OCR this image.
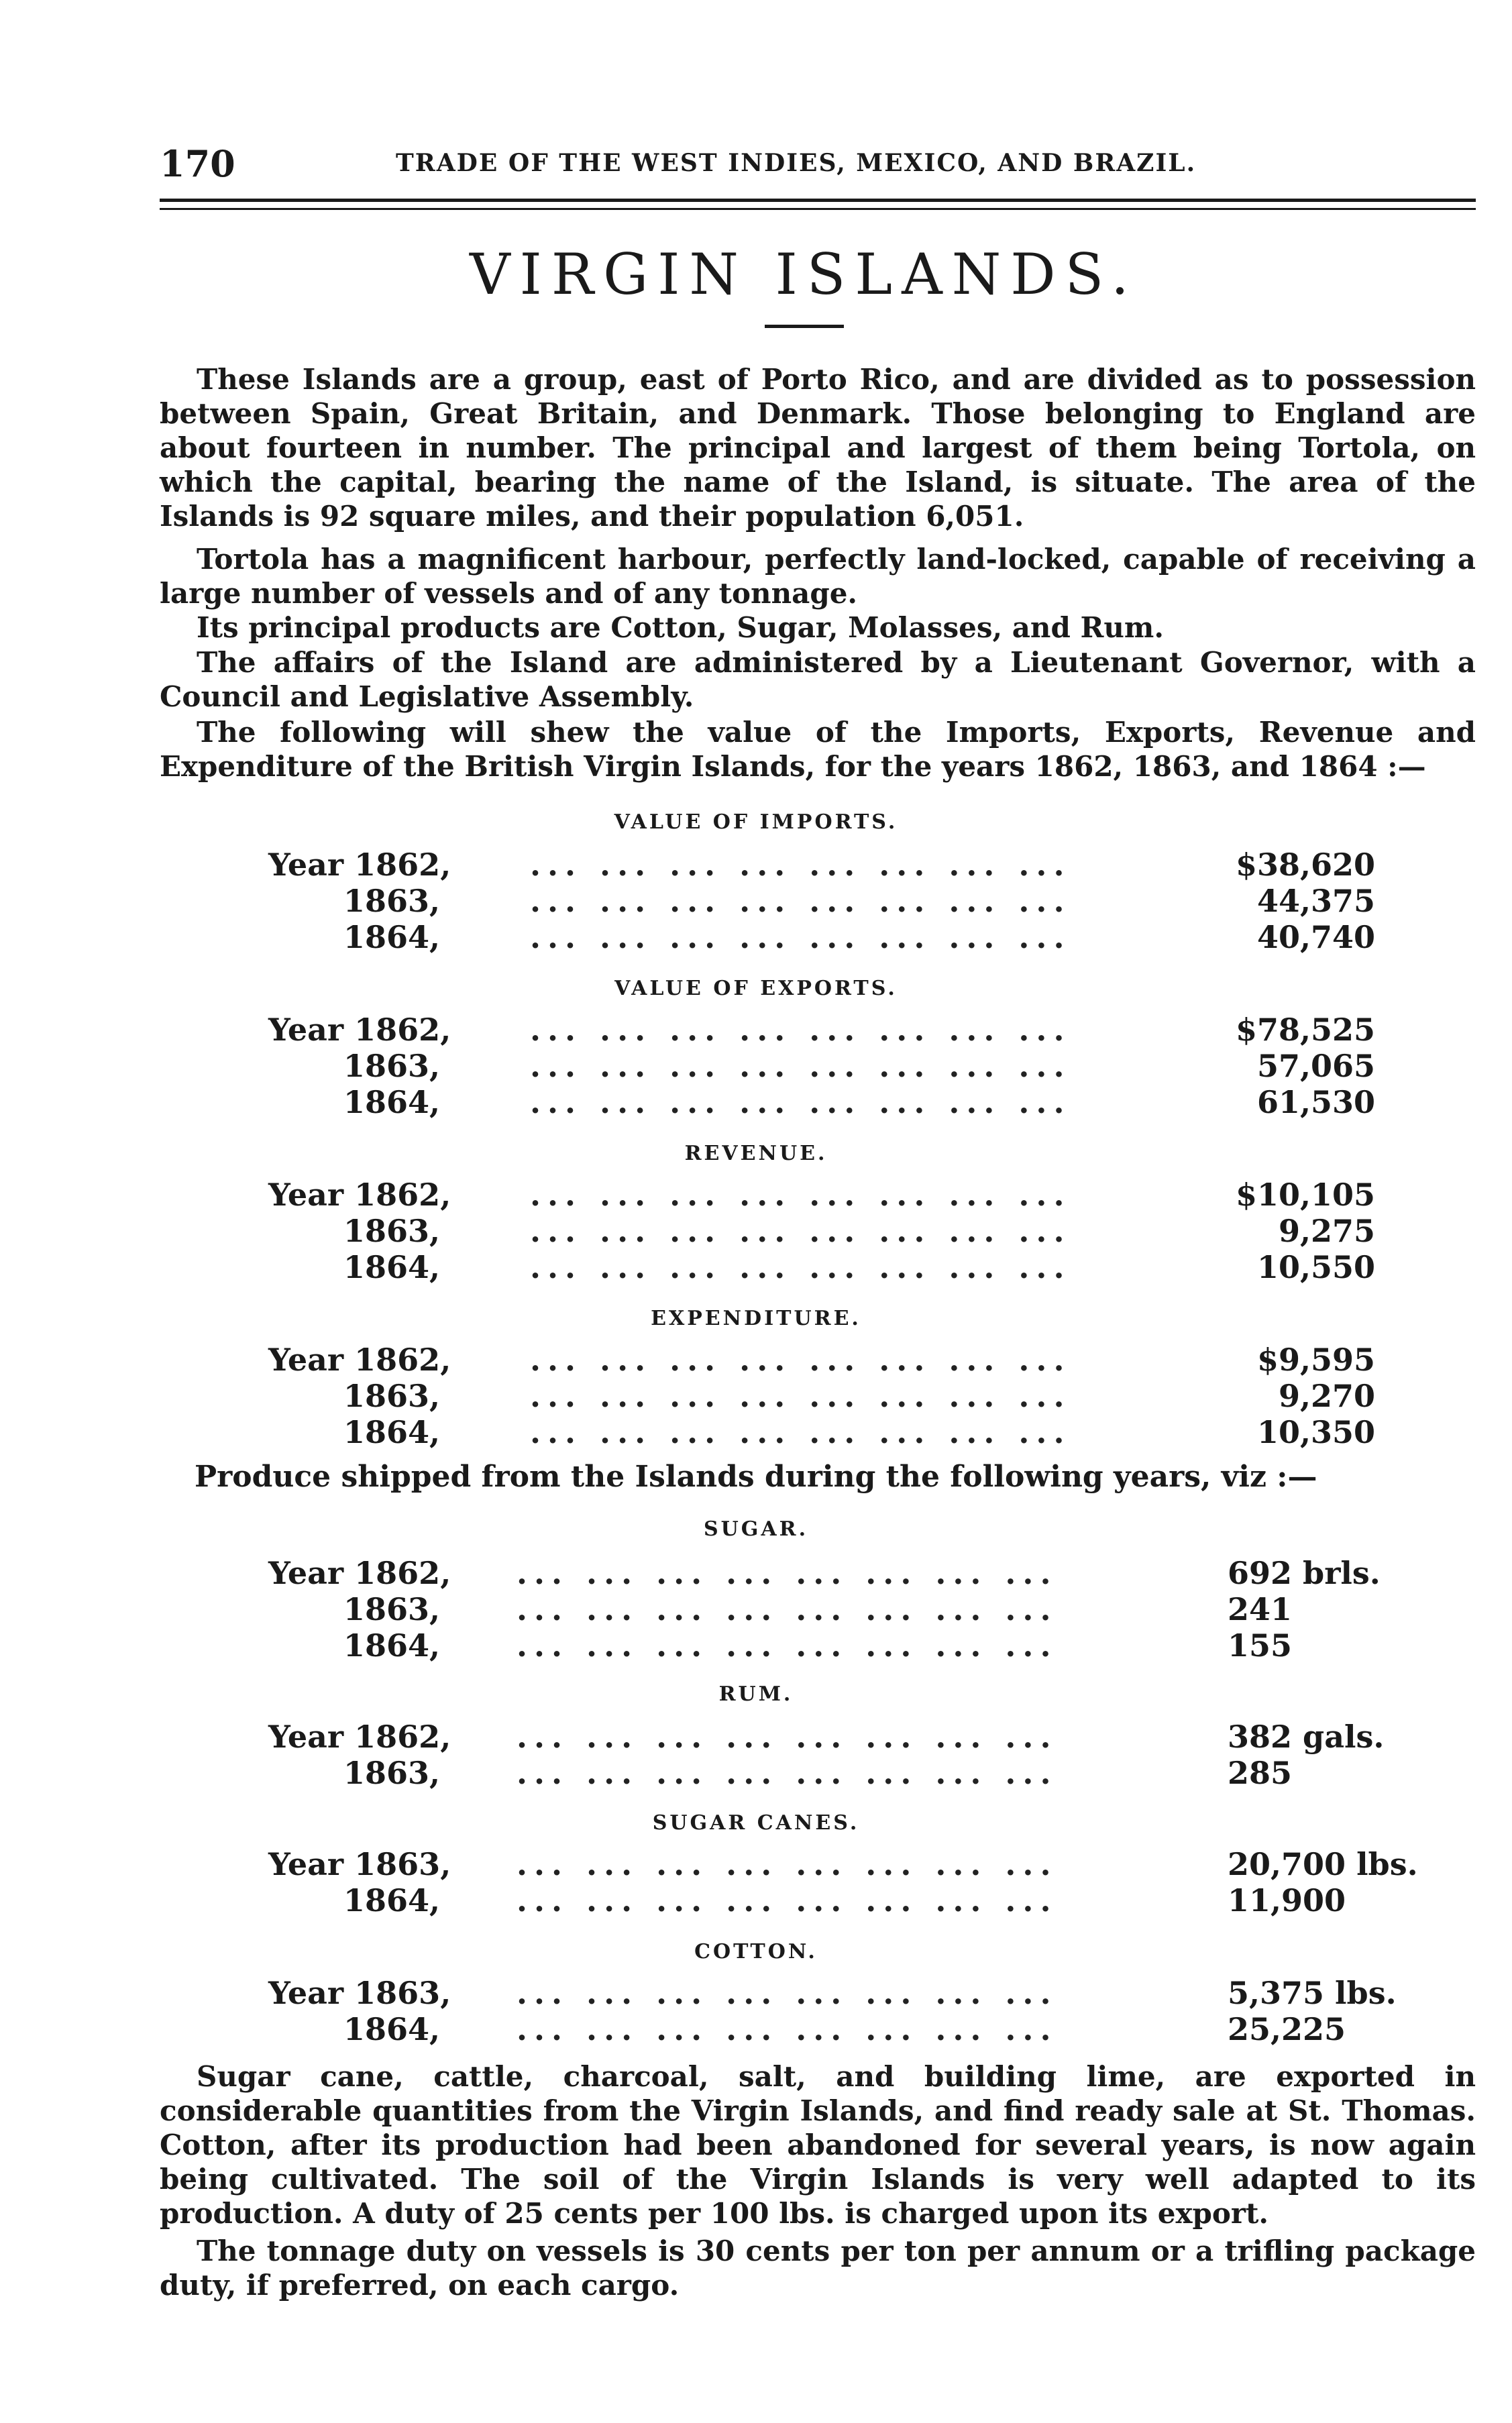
170	TRADE OF THE WEST INDIES, MEXICO, AND BRAZIL.
VIRGIN ISLANDS.
These Islands are a group, east of Porto Rico, and are divided as to possession between Spain, Great Britain, and Denmark. Those belonging to England are about fourteen in number. The principal and largest of them being Tortola, on which the capital, bearing the name of the Island, is situate. The area of the Islands is 92 square miles, and their population 6,051.
Tortola has a magnificent harbour, perfectly land-locked, capable of receiving a large number of vessels and of any tonnage.
Its principal products are Cotton, Sugar, Molasses, and Rum.
The affairs of the Island are administered by a Lieutenant Governor, with a Council and Legislative Assembly.
The following will shew the value of the Imports, Exports, Revenue and Expenditure of the British Virgin Islands, for the years 1862, 1863, and 1864 :—
VALUE OF IMPORTS.
Year 1862,	... ... ... ... ... ... ... ...	$38,620
1863,	... ... ... ... ... ... ... ...	44,375
1864,	... ... ... ... ... ... ... ...	40,740
VALUE OF EXPORTS.
Year 1862,	... ... ... ... ... ... ... ...	$78,525
1863,	... ... ... ... ... ... ... ...	57,065
1864,	... ... ... ... ... ... ... ...	61,530
REVENUE.
Year 1862,	... ... ... ... ... ... ... ...	$10,105
1863,	... ... ... ... ... ... ... ...	9,275
1864,	... ... ... ... ... ... ... ...	10,550
EXPENDITURE.
Year 1862,	... ... ... ... ... ... ... ...	$9,595
1863,	... ... ... ... ... ... ... ...	9,270
1864,	... ... ... ... ... ... ... ...	10,350
Produce shipped from the Islands during the following years, viz :—
SUGAR.
Year 1862, ... ... ... ... ... ... ... ...	692 brls.
1863, ... ... ... ... ... ... ... ...	241
1864, ... ... ... ... ... ... ... ...	155
RUM.
Year 1862, ... ... ... ... ... ... ... ...	382 gals.
1863, ... ... ... ... ... ... ... ...	285
SUGAR CANES.
Year 1863, ... ... ... ... ... ... ... ...	20,700 lbs.
1864, ... ... ... ... ... ... ... ...	11,900
COTTON.
Year 1863, ... ... ... ... ... ... ... ...	5,375 lbs.
1864, ... ... ... ... ... ... ... ...	25,225
Sugar cane, cattle, charcoal, salt, and building lime, are exported in considerable quantities from the Virgin Islands, and find ready sale at St. Thomas. Cotton, after its production had been abandoned for several years, is now again being cultivated. The soil of the Virgin Islands is very well adapted to its production. A duty of 25 cents per 100 lbs. is charged upon its export.
The tonnage duty on vessels is 30 cents per ton per annum or a trifling package duty, if preferred, on each cargo.
